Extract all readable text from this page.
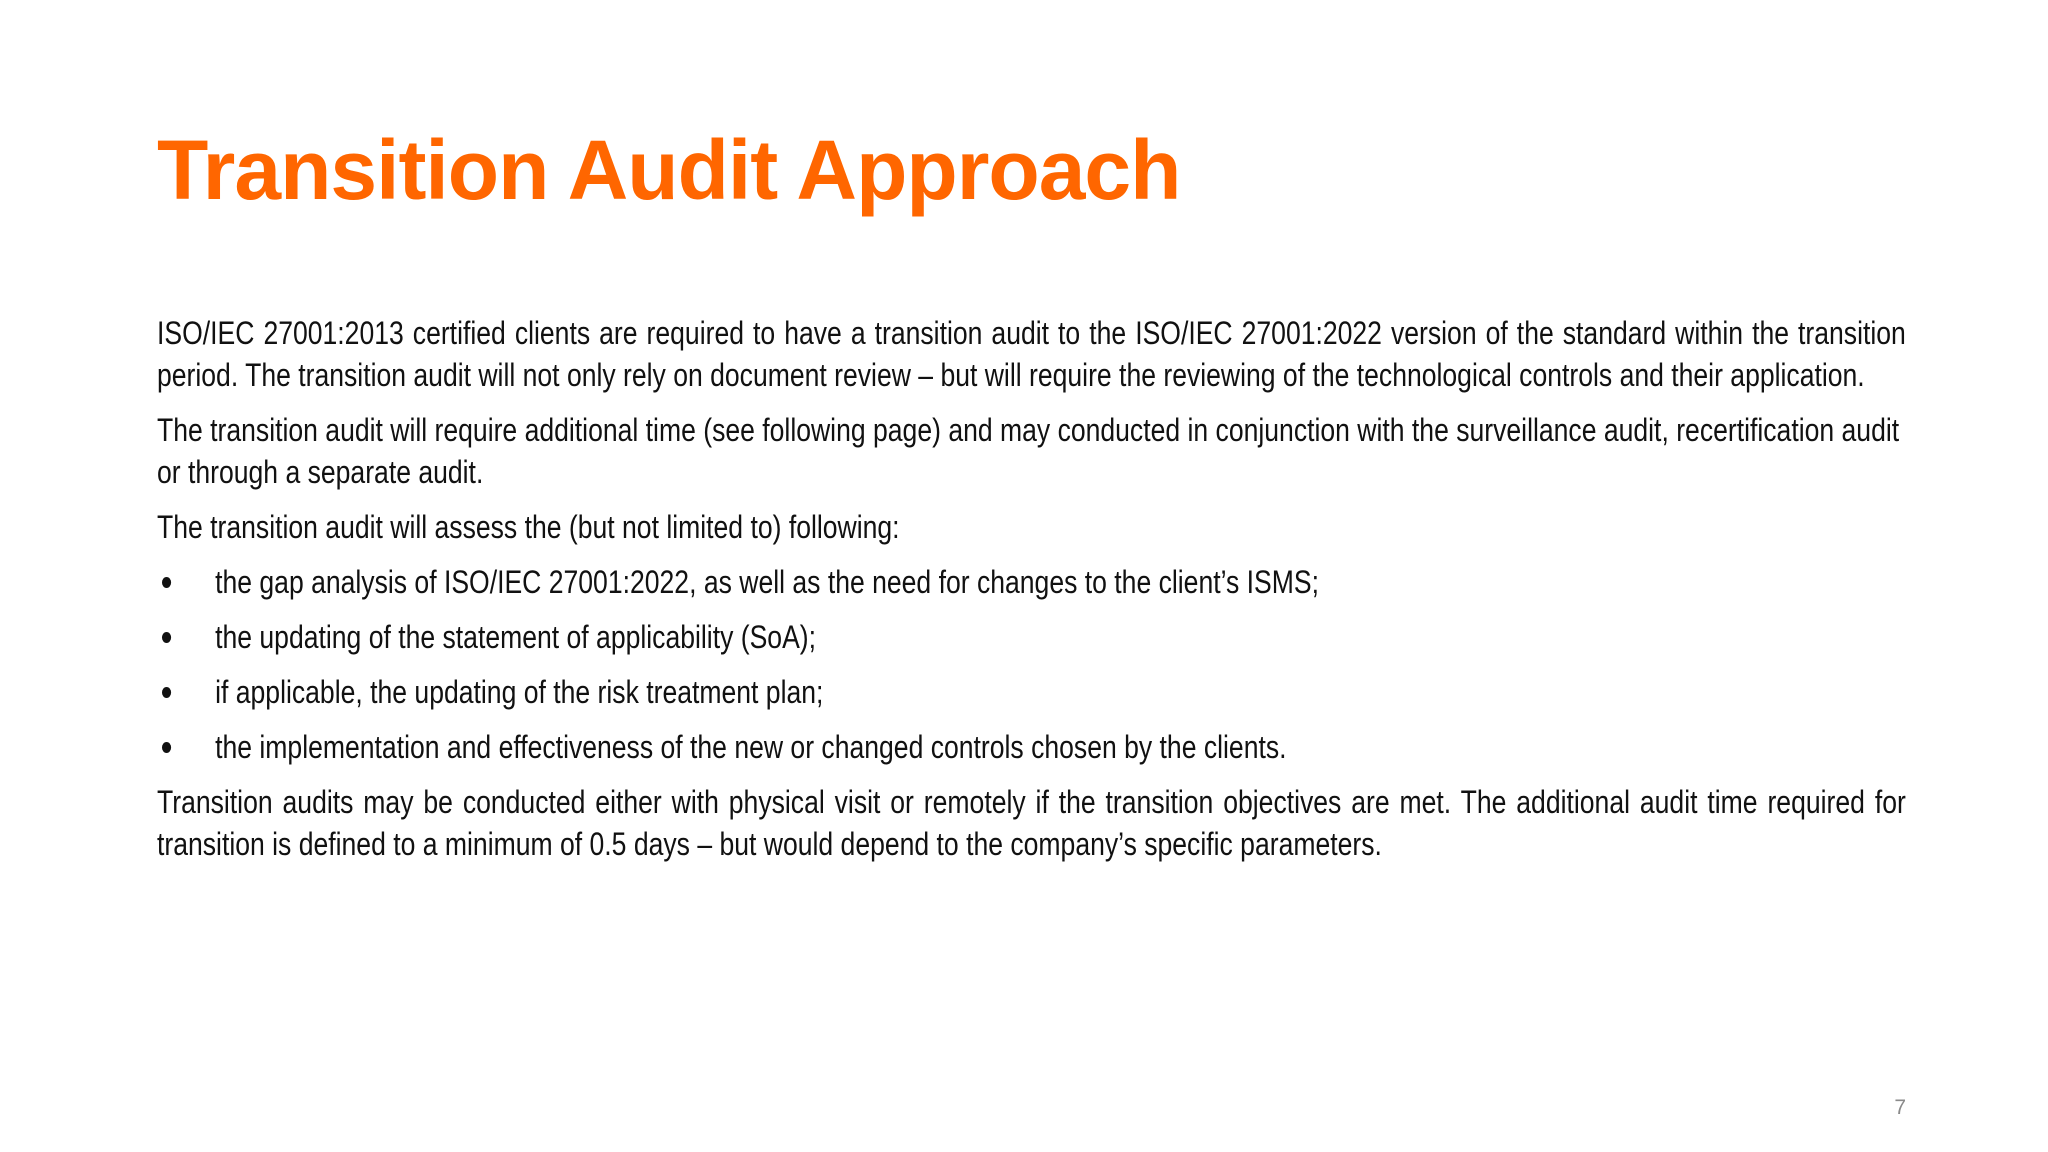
Transition Audit Approach

ISO/IEC 27001:2013 certified clients are required to have a transition audit to the ISO/IEC 27001:2022 version of the standard within the transition period. The transition audit will not only rely on document review – but will require the reviewing of the technological controls and their application.

The transition audit will require additional time (see following page) and may conducted in conjunction with the surveillance audit, recertification audit or through a separate audit.

The transition audit will assess the (but not limited to) following:

the gap analysis of ISO/IEC 27001:2022, as well as the need for changes to the client’s ISMS;
the updating of the statement of applicability (SoA);
if applicable, the updating of the risk treatment plan;
the implementation and effectiveness of the new or changed controls chosen by the clients.

Transition audits may be conducted either with physical visit or remotely if the transition objectives are met. The additional audit time required for transition is defined to a minimum of 0.5 days – but would depend to the company’s specific parameters.

7
